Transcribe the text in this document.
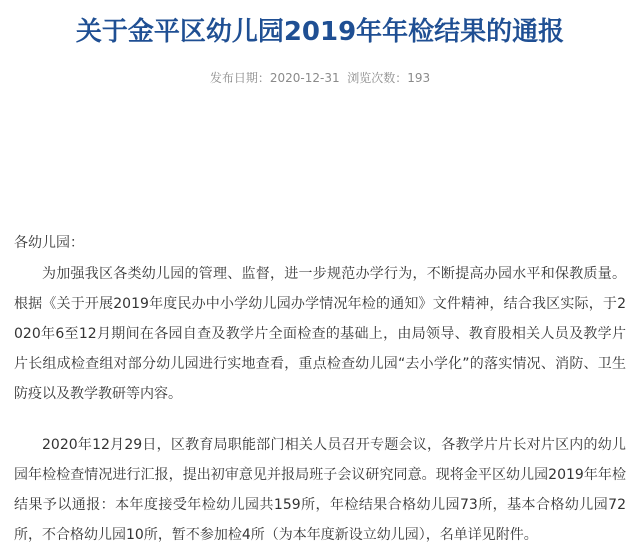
关于金平区幼儿园2019年年检结果的通报
发布日期：2020-12-31 浏览次数：193

各幼儿园：

为加强我区各类幼儿园的管理、监督，进一步规范办学行为，不断提高办园水平和保教质量。根据《关于开展2019年度民办中小学幼儿园办学情况年检的通知》文件精神，结合我区实际，于2020年6至12月期间在各园自查及教学片全面检查的基础上，由局领导、教育股相关人员及教学片片长组成检查组对部分幼儿园进行实地查看，重点检查幼儿园“去小学化”的落实情况、消防、卫生防疫以及教学教研等内容。

2020年12月29日，区教育局职能部门相关人员召开专题会议，各教学片片长对片区内的幼儿园年检检查情况进行汇报，提出初审意见并报局班子会议研究同意。现将金平区幼儿园2019年年检结果予以通报：本年度接受年检幼儿园共159所，年检结果合格幼儿园73所，基本合格幼儿园72所，不合格幼儿园10所，暂不参加检4所（为本年度新设立幼儿园），名单详见附件。
